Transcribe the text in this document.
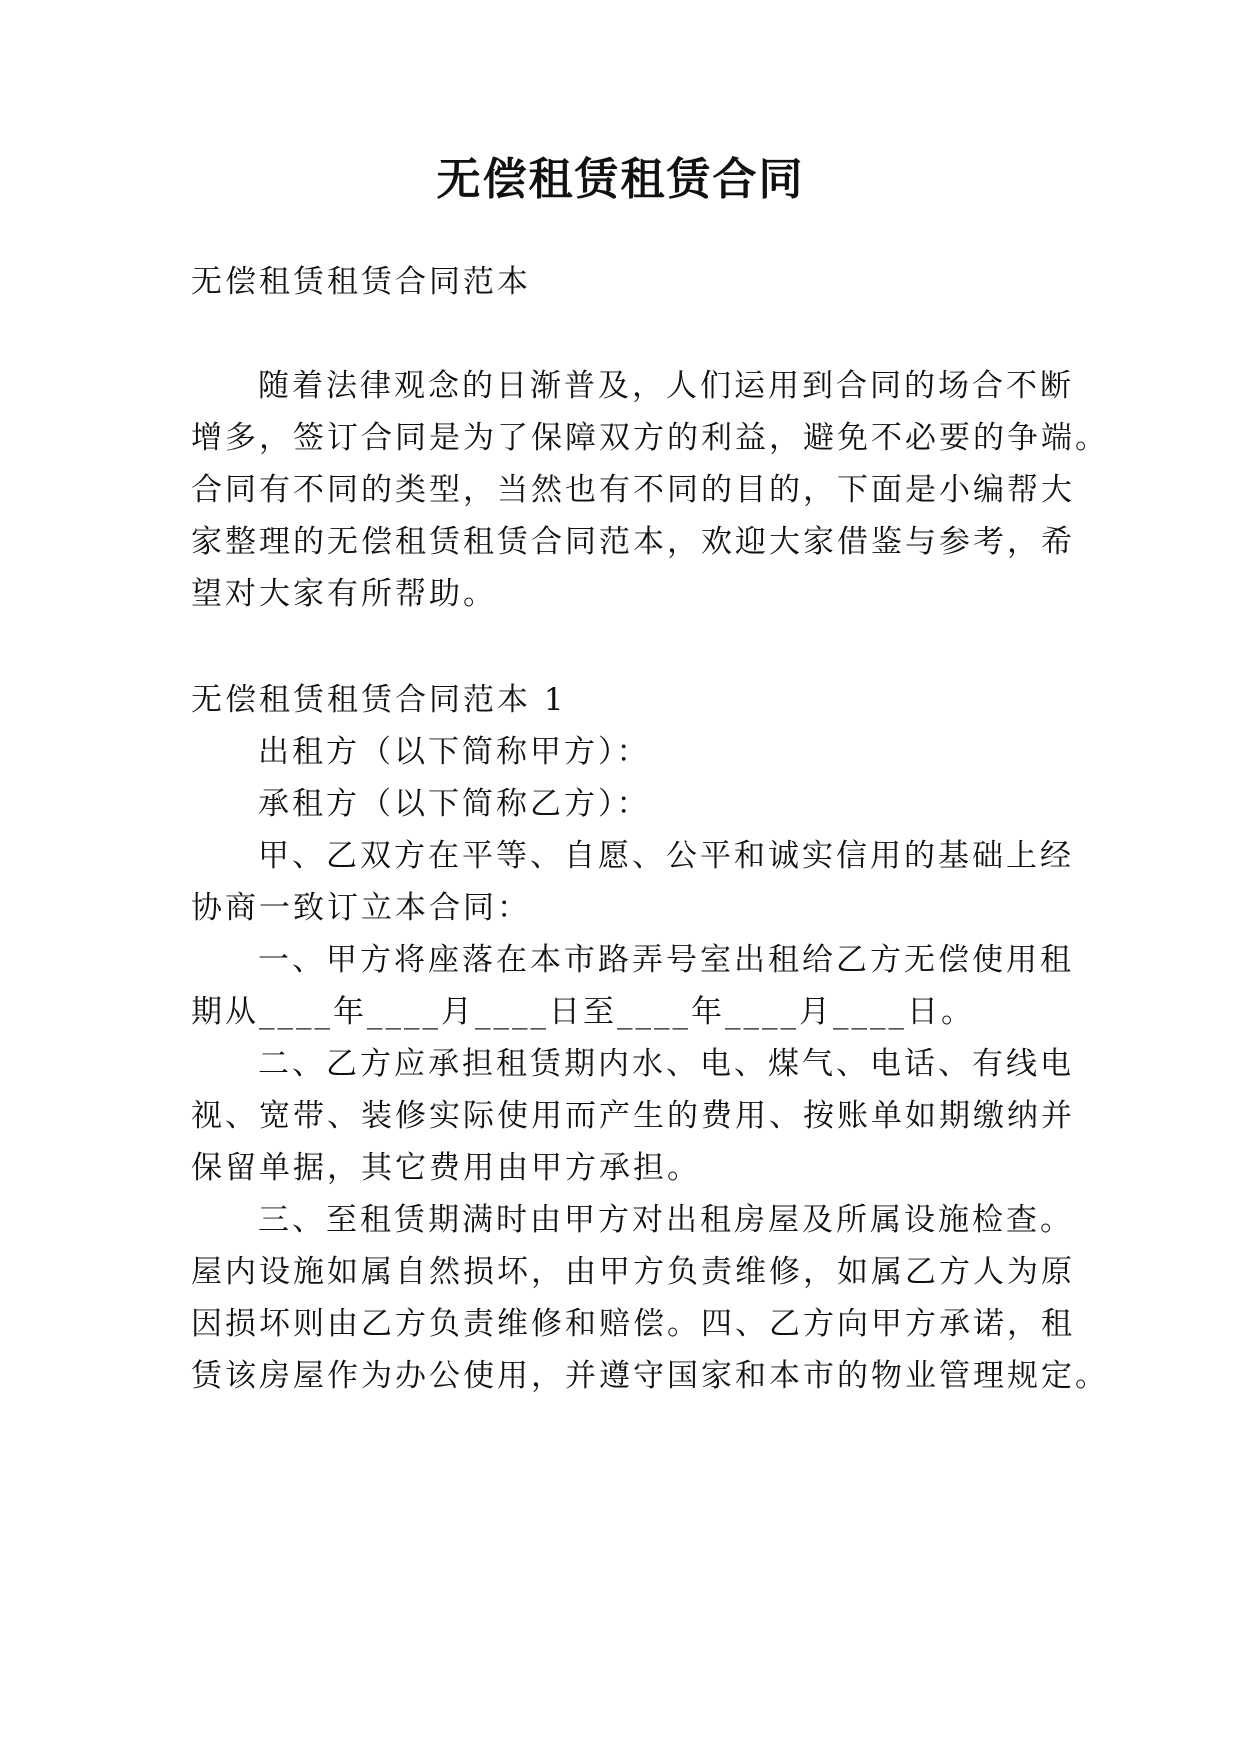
无偿租赁租赁合同

无偿租赁租赁合同范本

随着法律观念的日渐普及，人们运用到合同的场合不断

增多，签订合同是为了保障双方的利益，避免不必要的争端。

合同有不同的类型，当然也有不同的目的，下面是小编帮大

家整理的无偿租赁租赁合同范本，欢迎大家借鉴与参考，希

望对大家有所帮助。

无偿租赁租赁合同范本 1

出租方（以下简称甲方）：

承租方（以下简称乙方）：

甲、乙双方在平等、自愿、公平和诚实信用的基础上经

协商一致订立本合同：

一、甲方将座落在本市路弄号室出租给乙方无偿使用租

期从____年____月____日至____年____月____日。

二、乙方应承担租赁期内水、电、煤气、电话、有线电

视、宽带、装修实际使用而产生的费用、按账单如期缴纳并

保留单据，其它费用由甲方承担。

三、至租赁期满时由甲方对出租房屋及所属设施检查。

屋内设施如属自然损坏，由甲方负责维修，如属乙方人为原

因损坏则由乙方负责维修和赔偿。四、乙方向甲方承诺，租

赁该房屋作为办公使用，并遵守国家和本市的物业管理规定。
